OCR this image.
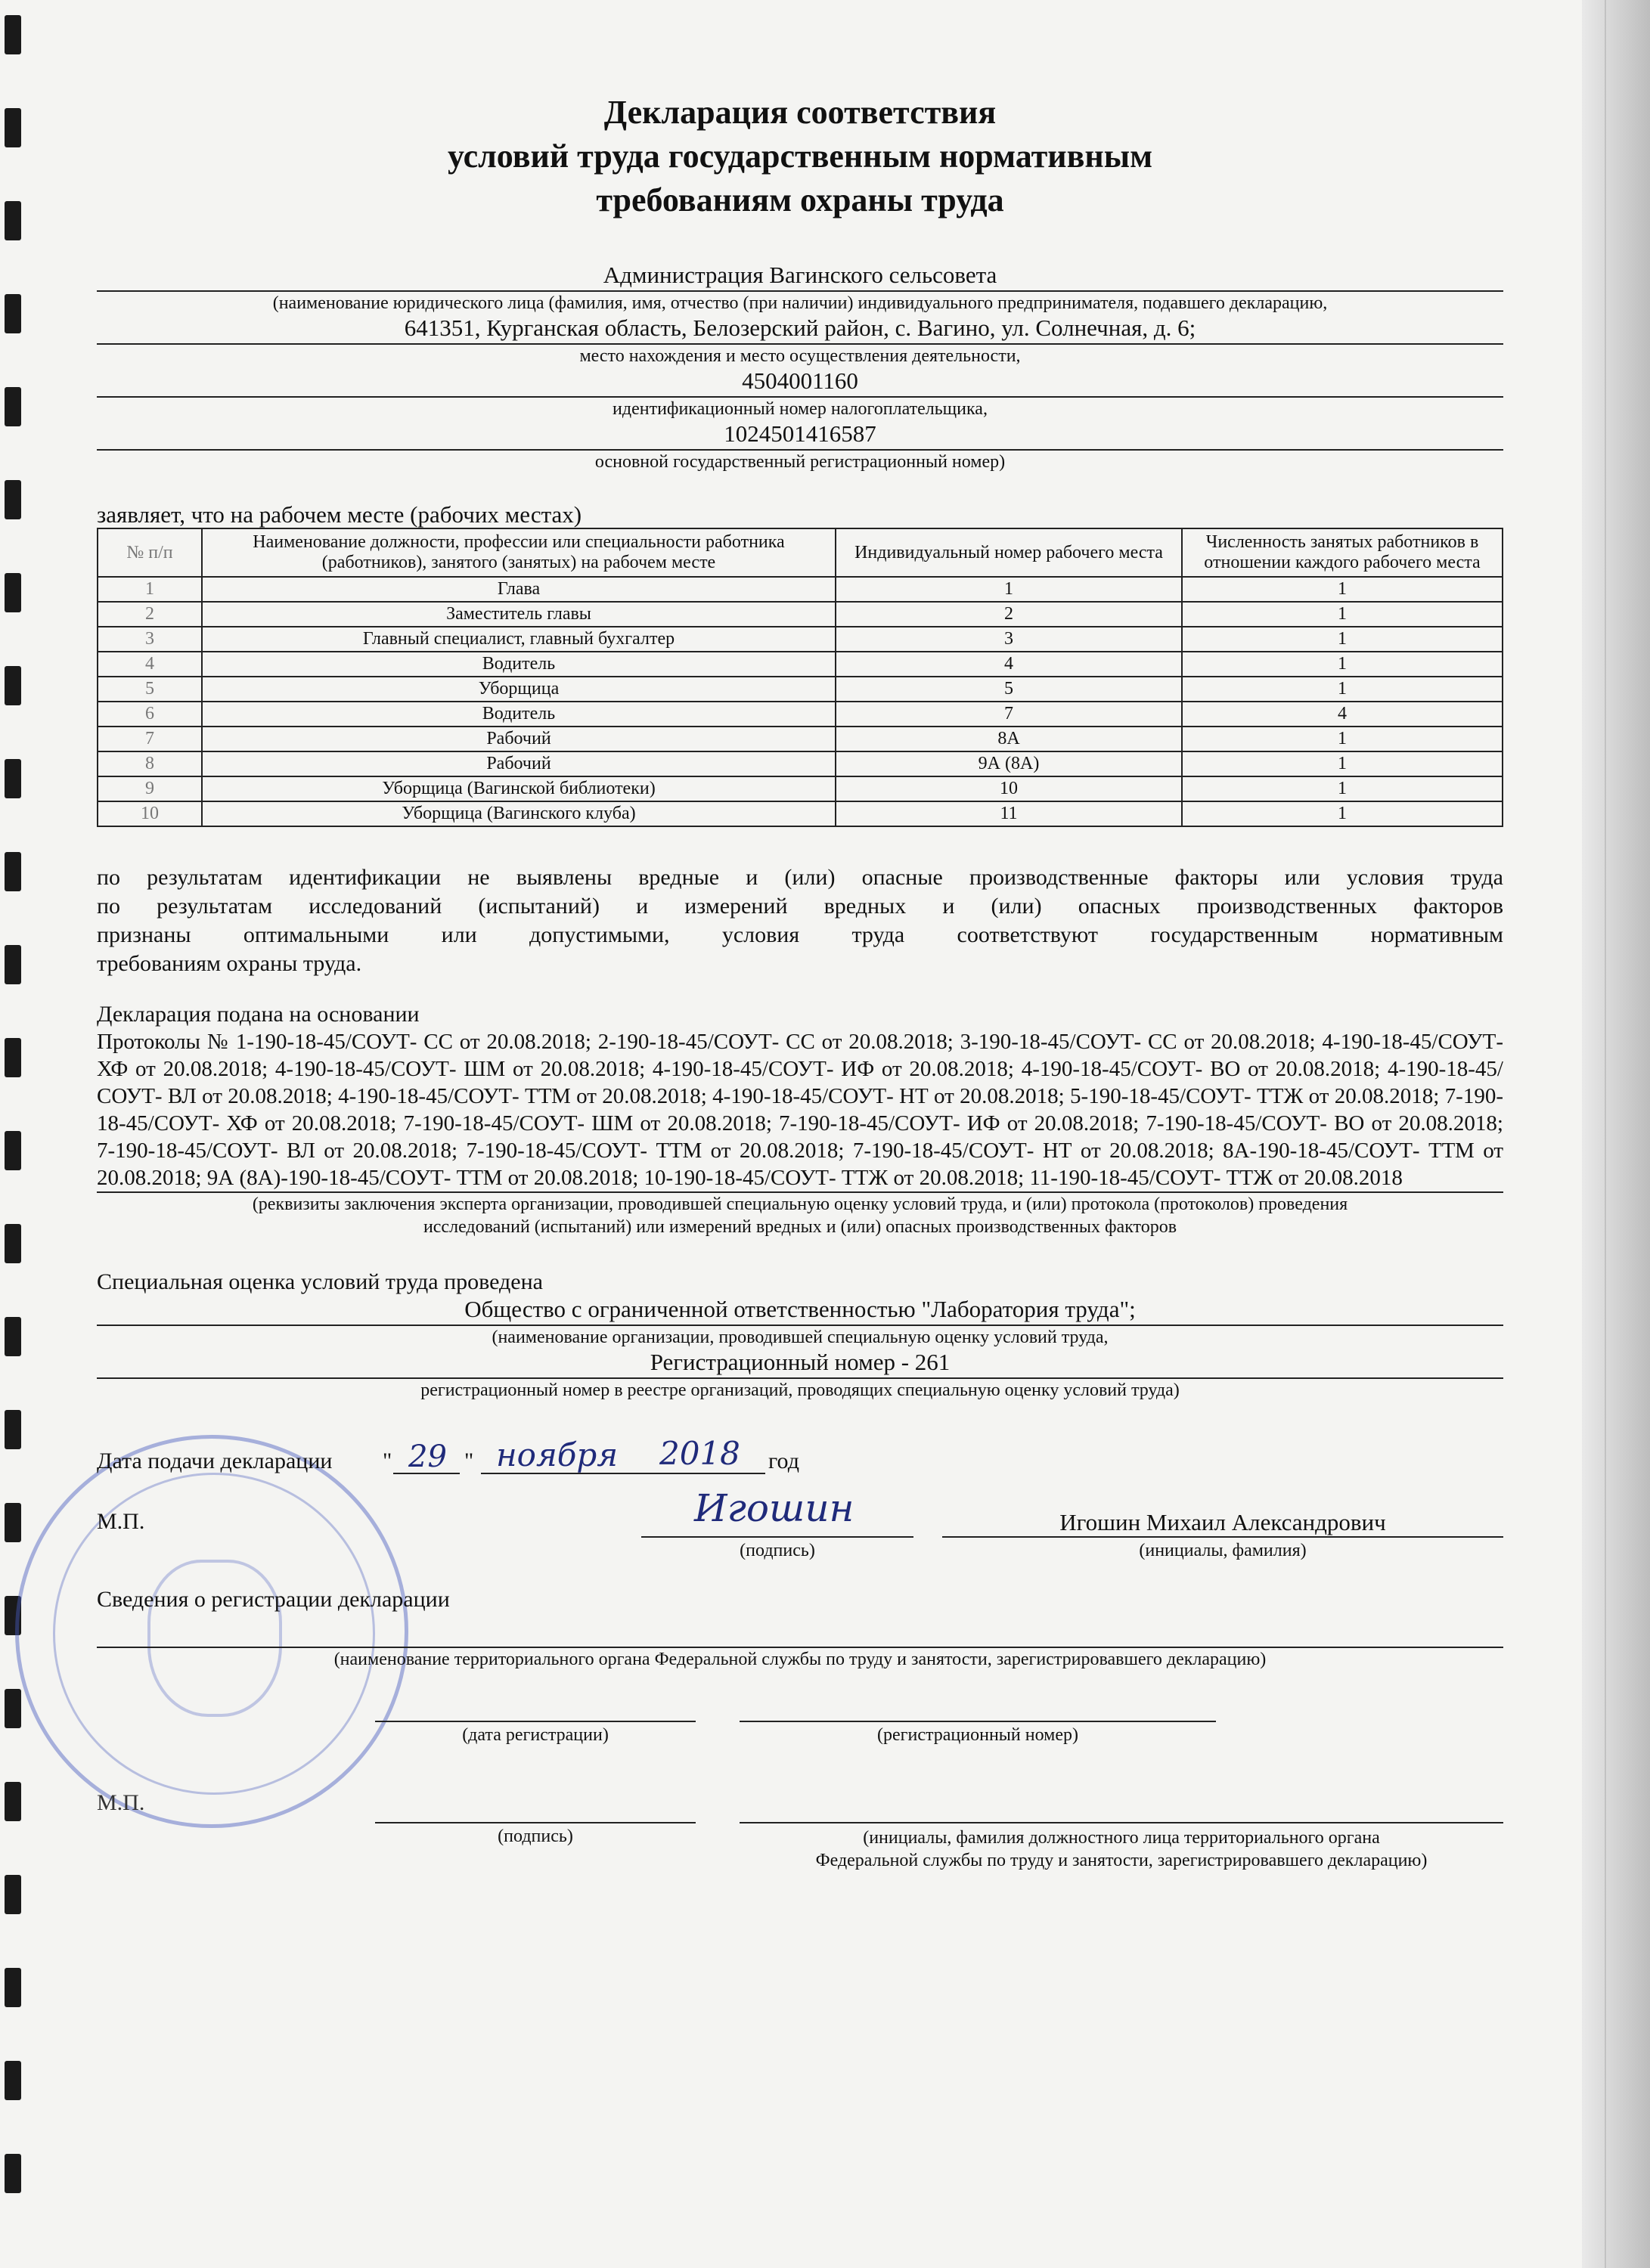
Декларация соответствия
условий труда государственным нормативным
требованиям охраны труда
Администрация Вагинского сельсовета
(наименование юридического лица (фамилия, имя, отчество (при наличии) индивидуального предпринимателя, подавшего декларацию,
641351, Курганская область, Белозерский район, с. Вагино, ул. Солнечная, д. 6;
место нахождения и место осуществления деятельности,
4504001160
идентификационный номер налогоплательщика,
1024501416587
основной государственный регистрационный номер)
заявляет, что на рабочем месте (рабочих местах)
№ п/п	Наименование должности, профессии или специальности работника (работников), занятого (занятых) на рабочем месте	Индивидуальный номер рабочего места	Численность занятых работников в отношении каждого рабочего места
1	Глава	1	1
2	Заместитель главы	2	1
3	Главный специалист, главный бухгалтер	3	1
4	Водитель	4	1
5	Уборщица	5	1
6	Водитель	7	4
7	Рабочий	8А	1
8	Рабочий	9А (8А)	1
9	Уборщица (Вагинской библиотеки)	10	1
10	Уборщица (Вагинского клуба)	11	1
по результатам идентификации не выявлены вредные и (или) опасные производственные факторы или условия труда
по результатам исследований (испытаний) и измерений вредных и (или) опасных производственных факторов
признаны оптимальными или допустимыми, условия труда соответствуют государственным нормативным
требованиям охраны труда.
Декларация подана на основании
Протоколы № 1-190-18-45/СОУТ- СС от 20.08.2018; 2-190-18-45/СОУТ- СС от 20.08.2018; 3-190-18-45/СОУТ- СС от 20.08.2018; 4-190-18-45/СОУТ- ХФ от 20.08.2018; 4-190-18-45/СОУТ- ШМ от 20.08.2018; 4-190-18-45/СОУТ- ИФ от 20.08.2018; 4-190-18-45/СОУТ- ВО от 20.08.2018; 4-190-18-45/СОУТ- ВЛ от 20.08.2018; 4-190-18-45/СОУТ- ТТМ от 20.08.2018; 4-190-18-45/СОУТ- НТ от 20.08.2018; 5-190-18-45/СОУТ- ТТЖ от 20.08.2018; 7-190-18-45/СОУТ- ХФ от 20.08.2018; 7-190-18-45/СОУТ- ШМ от 20.08.2018; 7-190-18-45/СОУТ- ИФ от 20.08.2018; 7-190-18-45/СОУТ- ВО от 20.08.2018; 7-190-18-45/СОУТ- ВЛ от 20.08.2018; 7-190-18-45/СОУТ- ТТМ от 20.08.2018; 7-190-18-45/СОУТ- НТ от 20.08.2018; 8А-190-18-45/СОУТ- ТТМ от 20.08.2018; 9А (8А)-190-18-45/СОУТ- ТТМ от 20.08.2018; 10-190-18-45/СОУТ- ТТЖ от 20.08.2018; 11-190-18-45/СОУТ- ТТЖ от 20.08.2018
(реквизиты заключения эксперта организации, проводившей специальную оценку условий труда, и (или) протокола (протоколов) проведения
исследований (испытаний) или измерений вредных и (или) опасных производственных факторов
Специальная оценка условий труда проведена
Общество с ограниченной ответственностью "Лаборатория труда";
(наименование организации, проводившей специальную оценку условий труда,
Регистрационный номер - 261
регистрационный номер в реестре организаций, проводящих специальную оценку условий труда)
Дата подачи декларации " 29 " ноября 2018 год
М.П.	Игошин	Игошин Михаил Александрович
(подпись)	(инициалы, фамилия)
Сведения о регистрации декларации
(наименование территориального органа Федеральной службы по труду и занятости, зарегистрировавшего декларацию)
(дата регистрации)	(регистрационный номер)
М.П.
(подпись)	(инициалы, фамилия должностного лица территориального органа
Федеральной службы по труду и занятости, зарегистрировавшего декларацию)
